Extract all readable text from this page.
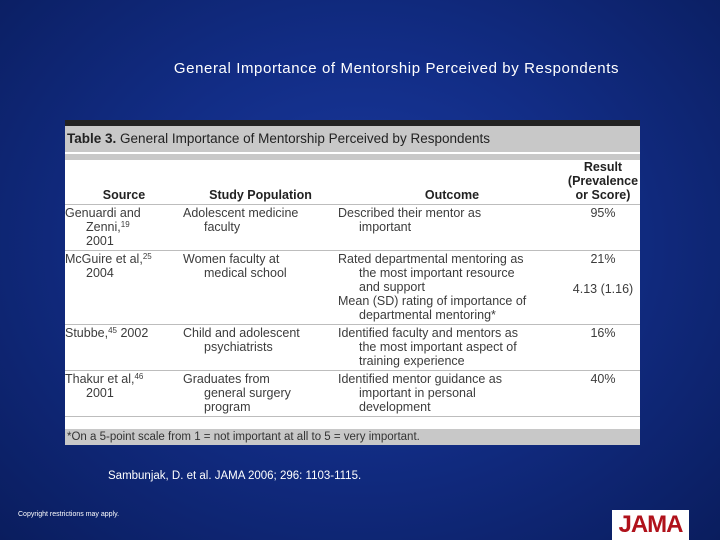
General Importance of Mentorship Perceived by Respondents
Table 3. General Importance of Mentorship Perceived by Respondents
Source	Study Population	Outcome	Result
(Prevalence
or Score)

Genuardi and
Zenni,$^{19}$
2001	Adolescent medicine
faculty	Described their mentor as
important	95%

McGuire et al,$^{25}$
2004	Women faculty at
medical school	Rated departmental mentoring as
the most important resource
and support
Mean (SD) rating of importance of
departmental mentoring*	21%
4.13 (1.16)

Stubbe,$^{45}$ 2002	Child and adolescent
psychiatrists	Identified faculty and mentors as
the most important aspect of
training experience	16%

Thakur et al,$^{46}$
2001	Graduates from
general surgery
program	Identified mentor guidance as
important in personal
development	40%
*On a 5-point scale from 1 = not important at all to 5 = very important.
Sambunjak, D. et al. JAMA 2006; 296: 1103-1115.
Copyright restrictions may apply.	JAMA
